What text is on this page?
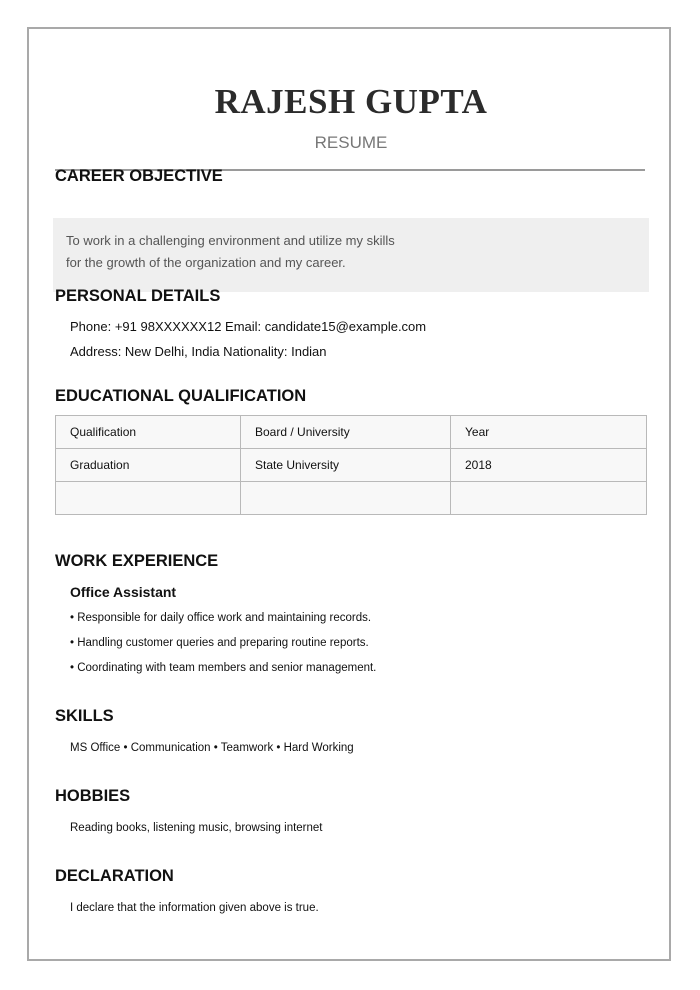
RAJESH GUPTA
RESUME
CAREER OBJECTIVE
To work in a challenging environment and utilize my skills
for the growth of the organization and my career.
PERSONAL DETAILS
Phone: +91 98XXXXXX12 Email: candidate15@example.com
Address: New Delhi, India Nationality: Indian
EDUCATIONAL QUALIFICATION
Qualification	Board / University	Year
Graduation	State University	2018

WORK EXPERIENCE
Office Assistant
• Responsible for daily office work and maintaining records.
• Handling customer queries and preparing routine reports.
• Coordinating with team members and senior management.
SKILLS
MS Office • Communication • Teamwork • Hard Working
HOBBIES
Reading books, listening music, browsing internet
DECLARATION
I declare that the information given above is true.
